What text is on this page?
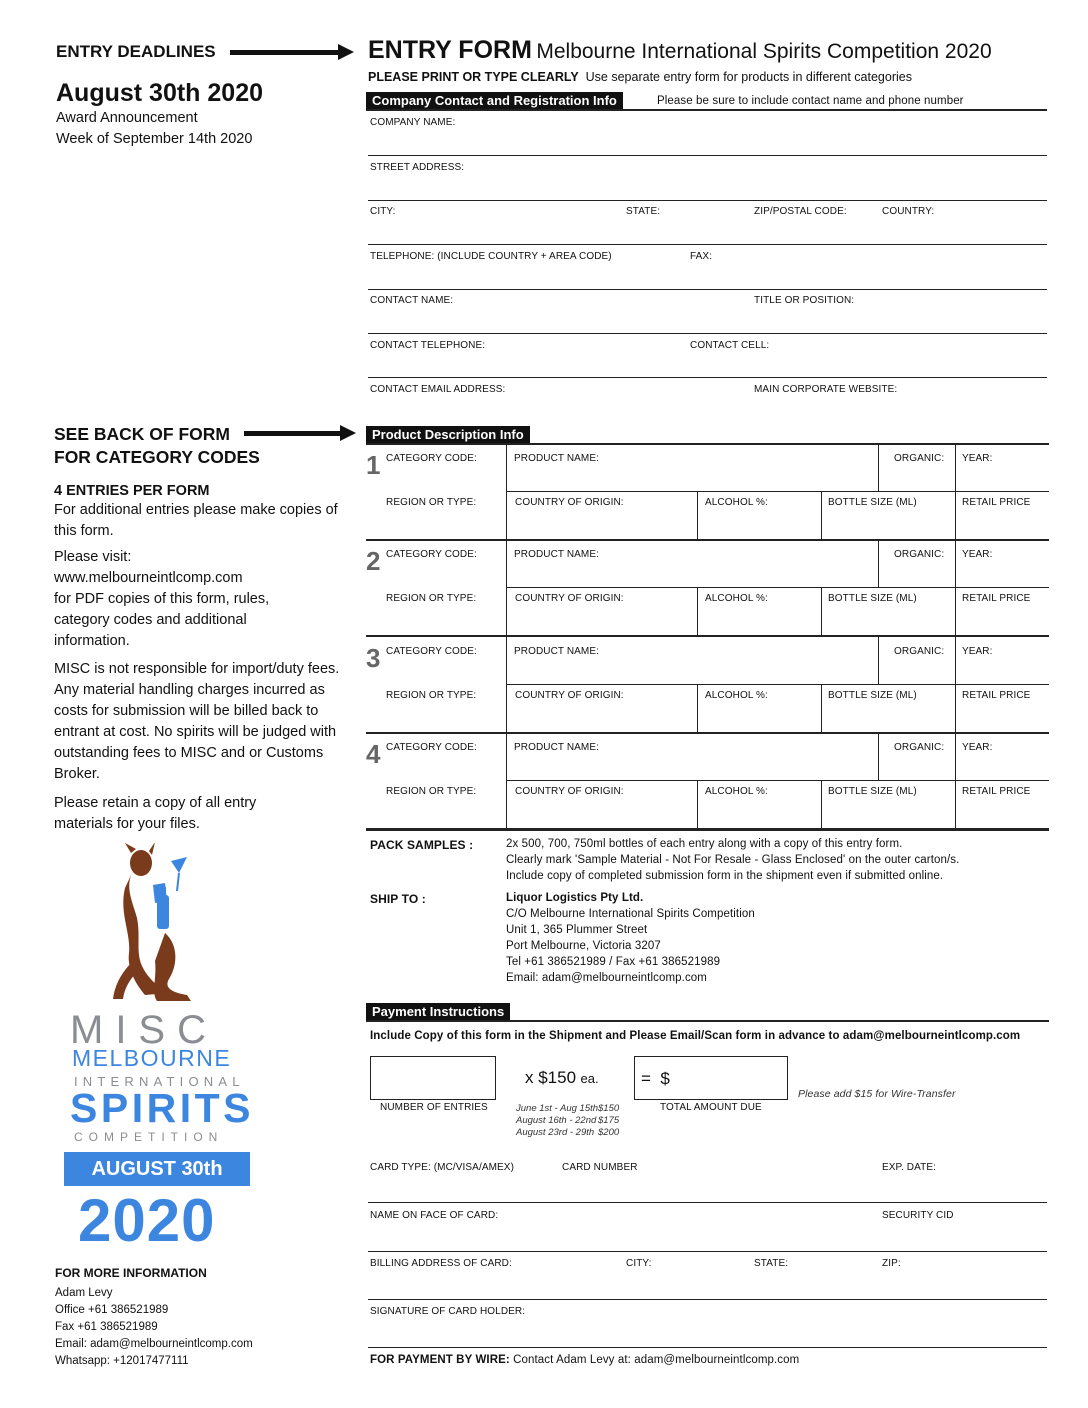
ENTRY DEADLINES
August 30th 2020
Award Announcement
Week of September 14th 2020
SEE BACK OF FORM
FOR CATEGORY CODES
4 ENTRIES PER FORM
For additional entries please make copies of this form.
Please visit:
www.melbourneintlcomp.com
for PDF copies of this form, rules, category codes and additional information.
MISC is not responsible for import/duty fees. Any material handling charges incurred as costs for submission will be billed back to entrant at cost. No spirits will be judged with outstanding fees to MISC and or Customs Broker.
Please retain a copy of all entry materials for your files.
MISC
MELBOURNE
INTERNATIONAL
SPIRITS
COMPETITION
AUGUST 30th
2020
FOR MORE INFORMATION
Adam Levy
Office +61 386521989
Fax +61 386521989
Email: adam@melbourneintlcomp.com
Whatsapp: +12017477111
ENTRY FORM Melbourne International Spirits Competition 2020
PLEASE PRINT OR TYPE CLEARLY Use separate entry form for products in different categories
Company Contact and Registration Info	Please be sure to include contact name and phone number
COMPANY NAME:
STREET ADDRESS:
CITY:	STATE:	ZIP/POSTAL CODE:	COUNTRY:
TELEPHONE: (INCLUDE COUNTRY + AREA CODE)	FAX:
CONTACT NAME:	TITLE OR POSITION:
CONTACT TELEPHONE:	CONTACT CELL:
CONTACT EMAIL ADDRESS:	MAIN CORPORATE WEBSITE:
Product Description Info
1 CATEGORY CODE:	PRODUCT NAME:	ORGANIC: YEAR:
REGION OR TYPE:	COUNTRY OF ORIGIN:	ALCOHOL %:	BOTTLE SIZE (ML)	RETAIL PRICE
2 CATEGORY CODE:	PRODUCT NAME:	ORGANIC: YEAR:
REGION OR TYPE:	COUNTRY OF ORIGIN:	ALCOHOL %:	BOTTLE SIZE (ML)	RETAIL PRICE
3 CATEGORY CODE:	PRODUCT NAME:	ORGANIC: YEAR:
REGION OR TYPE:	COUNTRY OF ORIGIN:	ALCOHOL %:	BOTTLE SIZE (ML)	RETAIL PRICE
4 CATEGORY CODE:	PRODUCT NAME:	ORGANIC: YEAR:
REGION OR TYPE:	COUNTRY OF ORIGIN:	ALCOHOL %:	BOTTLE SIZE (ML)	RETAIL PRICE
PACK SAMPLES :	2x 500, 700, 750ml bottles of each entry along with a copy of this entry form.
Clearly mark 'Sample Material - Not For Resale - Glass Enclosed' on the outer carton/s.
Include copy of completed submission form in the shipment even if submitted online.
SHIP TO :	Liquor Logistics Pty Ltd.
C/O Melbourne International Spirits Competition
Unit 1, 365 Plummer Street
Port Melbourne, Victoria 3207
Tel +61 386521989 / Fax +61 386521989
Email: adam@melbourneintlcomp.com
Payment Instructions
Include Copy of this form in the Shipment and Please Email/Scan form in advance to adam@melbourneintlcomp.com
NUMBER OF ENTRIES
x $150 ea. =  $
TOTAL AMOUNT DUE
Please add $15 for Wire-Transfer
June 1st - Aug 15th$150
August 16th - 22nd $175
August 23rd - 29th $200
CARD TYPE: (MC/VISA/AMEX)	CARD NUMBER	EXP. DATE:
NAME ON FACE OF CARD:	SECURITY CID
BILLING ADDRESS OF CARD:	CITY:	STATE:	ZIP:
SIGNATURE OF CARD HOLDER:
FOR PAYMENT BY WIRE: Contact Adam Levy at: adam@melbourneintlcomp.com
